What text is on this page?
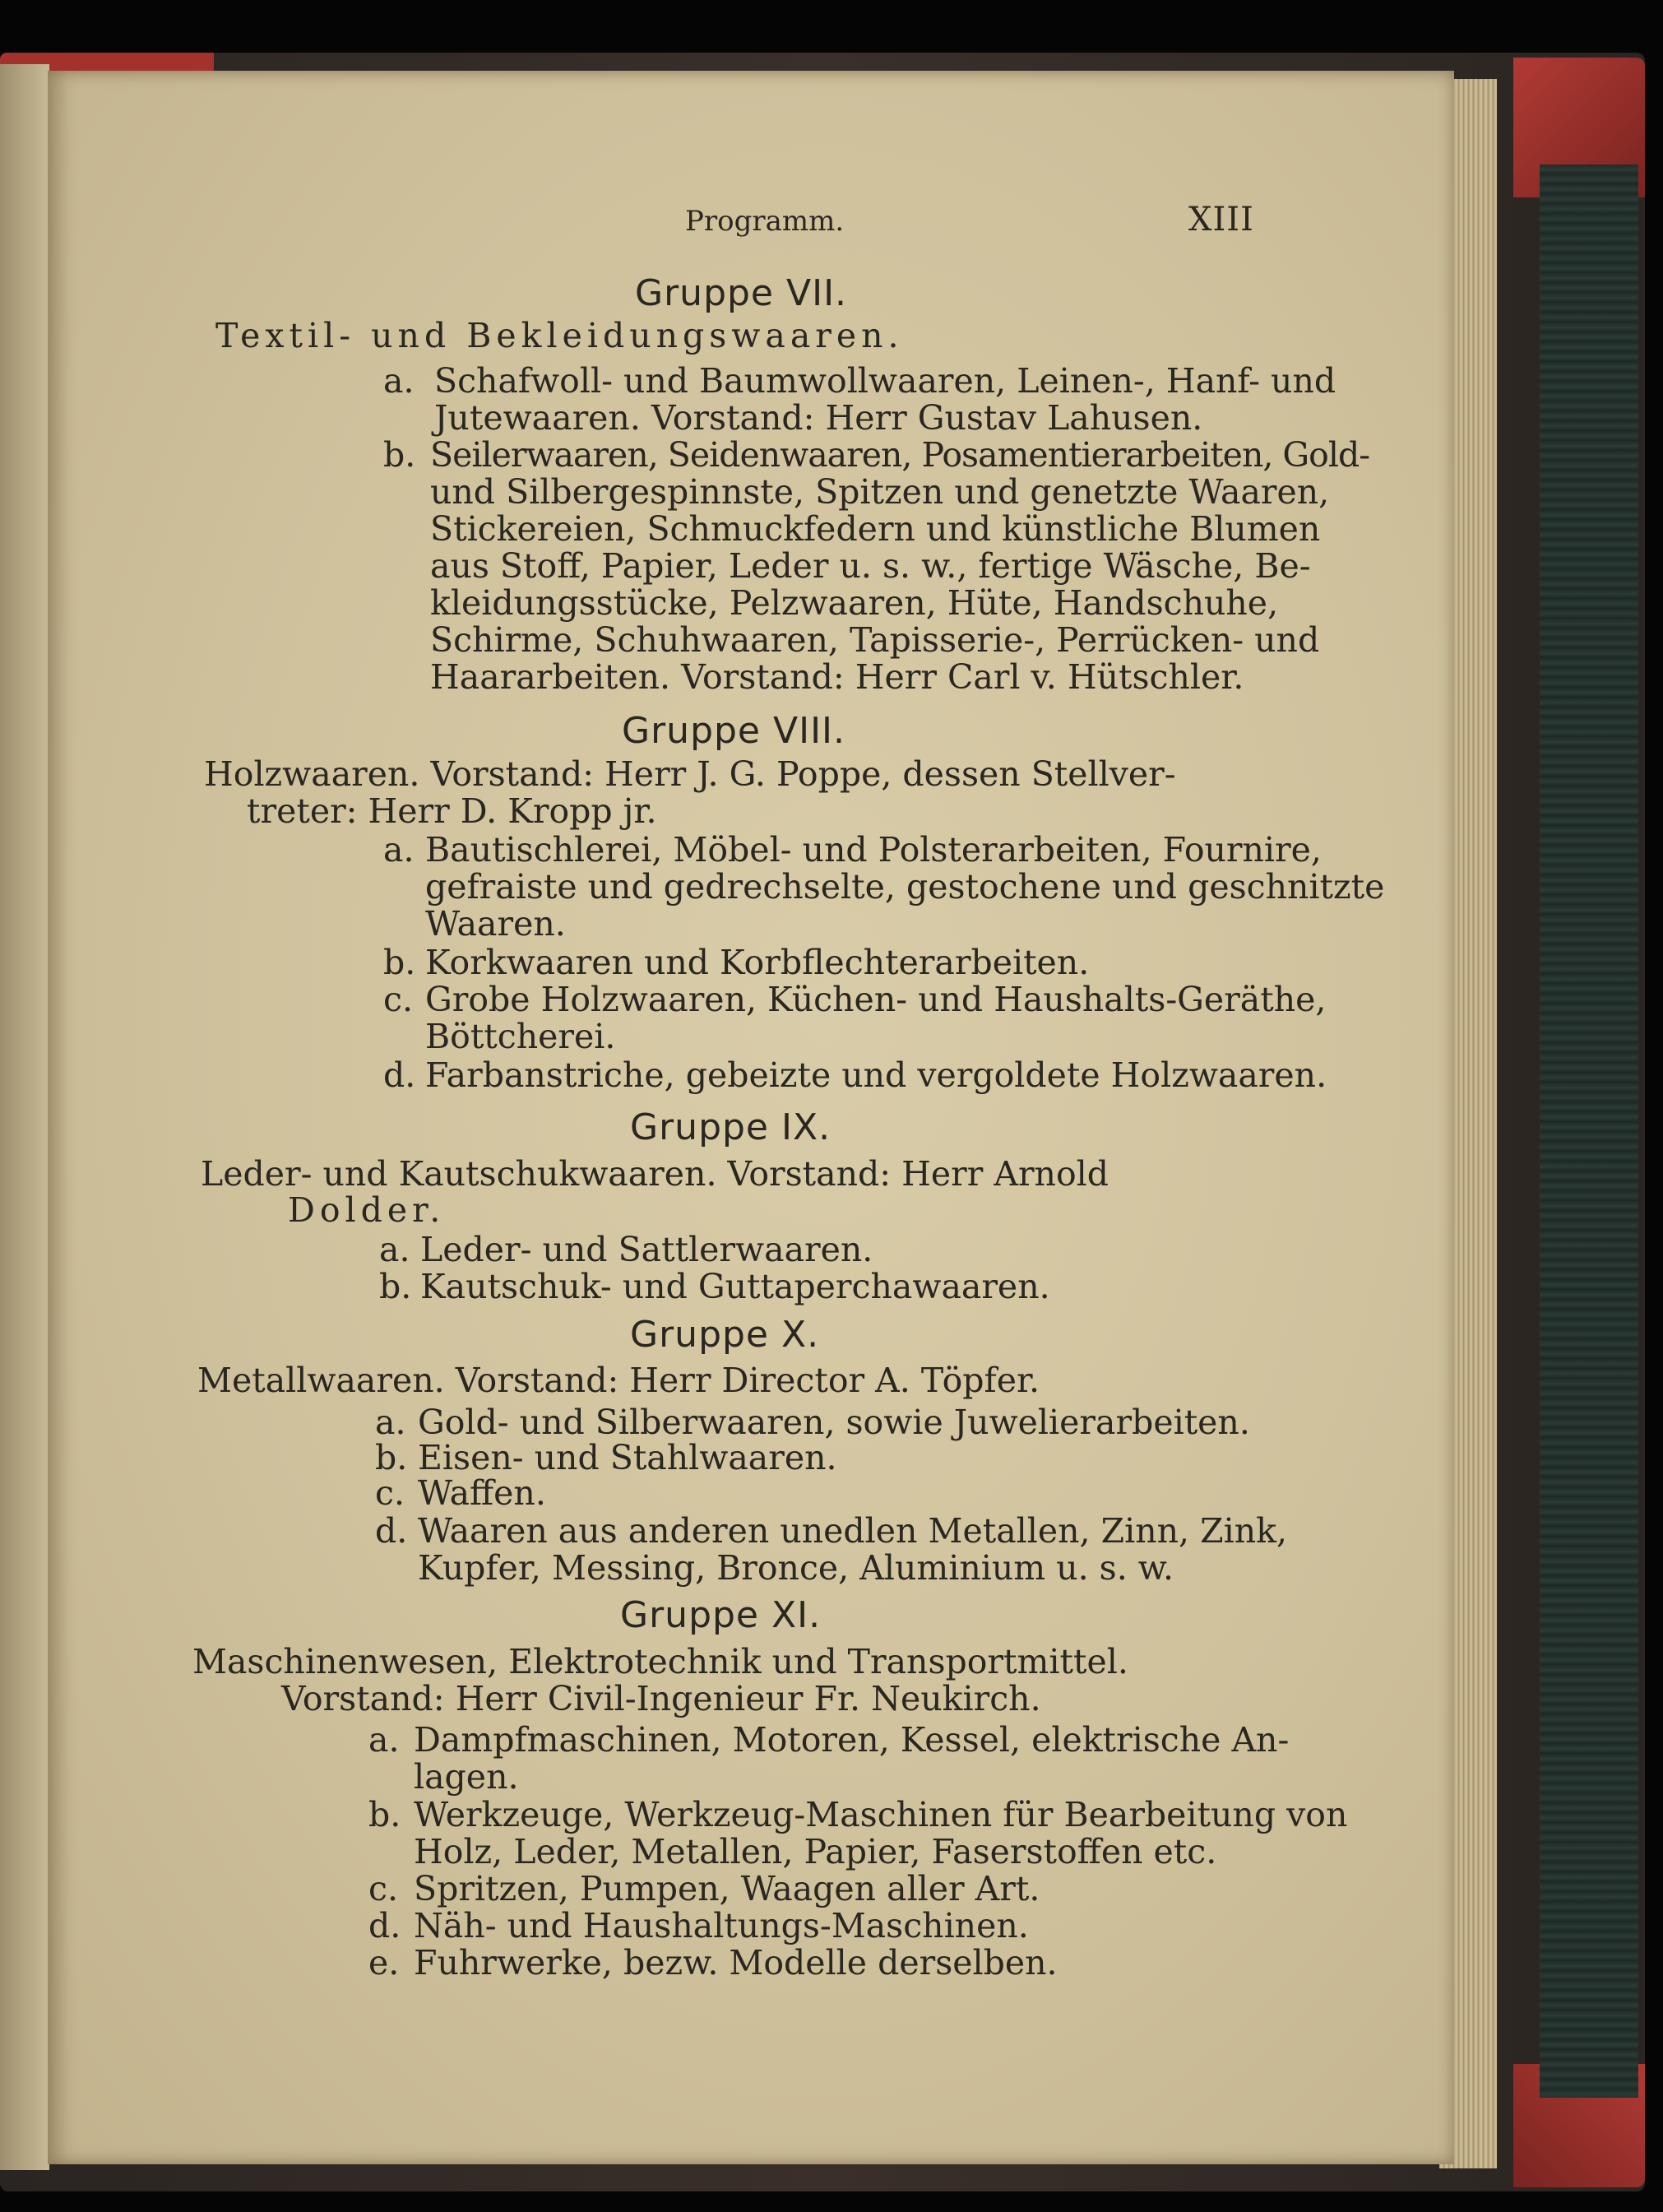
Programm.	XIII
Gruppe VII.
Textil- und Bekleidungswaaren.
a. Schafwoll- und Baumwollwaaren, Leinen-, Hanf- und
Jutewaaren. Vorstand: Herr Gustav Lahusen.
b. Seilerwaaren, Seidenwaaren, Posamentierarbeiten, Gold-
und Silbergespinnste, Spitzen und genetzte Waaren,
Stickereien, Schmuckfedern und künstliche Blumen
aus Stoff, Papier, Leder u. s. w., fertige Wäsche, Be-
kleidungsstücke, Pelzwaaren, Hüte, Handschuhe,
Schirme, Schuhwaaren, Tapisserie-, Perrücken- und
Haararbeiten. Vorstand: Herr Carl v. Hütschler.
Gruppe VIII.
Holzwaaren. Vorstand: Herr J. G. Poppe, dessen Stellver-
treter: Herr D. Kropp jr.
a. Bautischlerei, Möbel- und Polsterarbeiten, Fournire,
gefraiste und gedrechselte, gestochene und geschnitzte
Waaren.
b. Korkwaaren und Korbflechterarbeiten.
c. Grobe Holzwaaren, Küchen- und Haushalts-Geräthe,
Böttcherei.
d. Farbanstriche, gebeizte und vergoldete Holzwaaren.
Gruppe IX.
Leder- und Kautschukwaaren. Vorstand: Herr Arnold
Dolder.
a. Leder- und Sattlerwaaren.
b. Kautschuk- und Guttaperchawaaren.
Gruppe X.
Metallwaaren. Vorstand: Herr Director A. Töpfer.
a. Gold- und Silberwaaren, sowie Juwelierarbeiten.
b. Eisen- und Stahlwaaren.
c. Waffen.
d. Waaren aus anderen unedlen Metallen, Zinn, Zink,
Kupfer, Messing, Bronce, Aluminium u. s. w.
Gruppe XI.
Maschinenwesen, Elektrotechnik und Transportmittel.
Vorstand: Herr Civil-Ingenieur Fr. Neukirch.
a. Dampfmaschinen, Motoren, Kessel, elektrische An-
lagen.
b. Werkzeuge, Werkzeug-Maschinen für Bearbeitung von
Holz, Leder, Metallen, Papier, Faserstoffen etc.
c. Spritzen, Pumpen, Waagen aller Art.
d. Näh- und Haushaltungs-Maschinen.
e. Fuhrwerke, bezw. Modelle derselben.
